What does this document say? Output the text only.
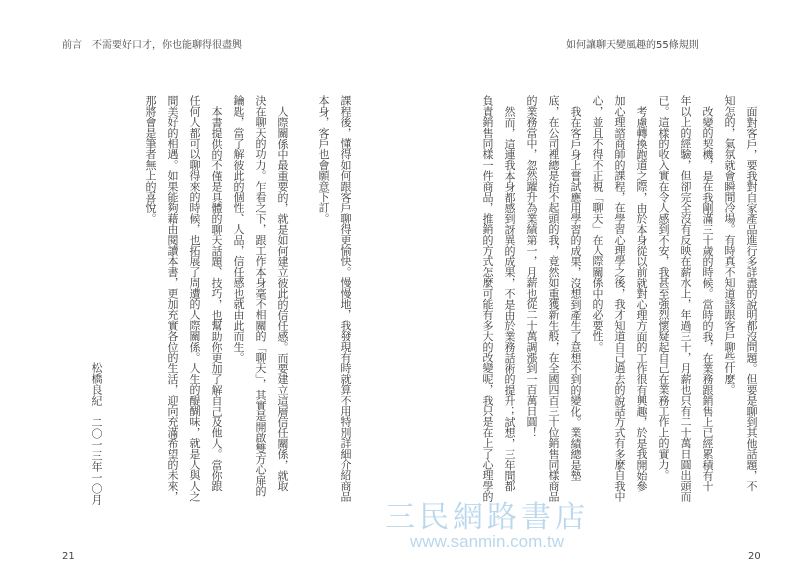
前言　不需要好口才，你也能聊得很盡興
課程後，懂得如何跟客戶聊得更愉快。慢慢地，我發現有時就算不用特別詳細介紹商品
本身，客戶也會願意下訂。
人際關係中最重要的，就是如何建立彼此的信任感。而要建立這層信任關係，就取
決在聊天的功力。乍看之下，跟工作本身毫不相關的「聊天」，其實是開啟雙方心扉的
鑰匙，當了解彼此的個性、人品，信任感也就由此而生。
本書提供的不僅是具體的聊天話題、技巧，也幫助你更加了解自己及他人。當你跟
任何人都可以聊得來的時候，也拓展了周遭的人際關係。人生的醍醐味，就是人與人之
間美好的相遇。如果能夠藉由閱讀本書，更加充實各位的生活，迎向充滿希望的未來，
那將會是筆者無上的喜悅。
松橋良紀　二〇一三年一〇月
21
如何讓聊天變風趣的55條規則
面對客戶，要我對自家產品進行多詳盡的說明都沒問題。但要是聊到其他話題，不
知怎的，氣氛就會瞬間冷場。有時真不知道該跟客戶聊些什麼。
改變的契機，是在我剛滿三十歲的時候。當時的我，在業務跟銷售上已經累積有十
年以上的經驗，但卻完全沒有反映在薪水上，年過三十，月薪也只有二十萬日圓出頭而
已。這樣的收入實在令人感到不安，我甚至強烈懷疑起自己在業務工作上的實力。
考慮轉換跑道之際，由於本身從以前就對心理方面的工作很有興趣，於是我開始參
加心理諮商師的課程，在學習心理學之後，我才知道自己過去的說話方式有多麼自我中
心，並且不得不正視「聊天」在人際關係中的必要性。
我在客戶身上嘗試應用學習的成果，沒想到產生了意想不到的變化。業績總是墊
底，在公司裡總是抬不起頭的我，竟然如重獲新生般，在全國四百三十位銷售同樣商品
的業務當中，忽然躍升為業績第一，月薪也從二十萬調漲到一百萬日圓！
然而，這連我本身都感到訝異的成果，不是由於業務話術的提升；試想，三年間都
負責銷售同樣一件商品，推銷的方式怎麼可能有多大的改變呢，我只是在上了心理學的
20
三民網路書店
www.sanmin.com.tw
